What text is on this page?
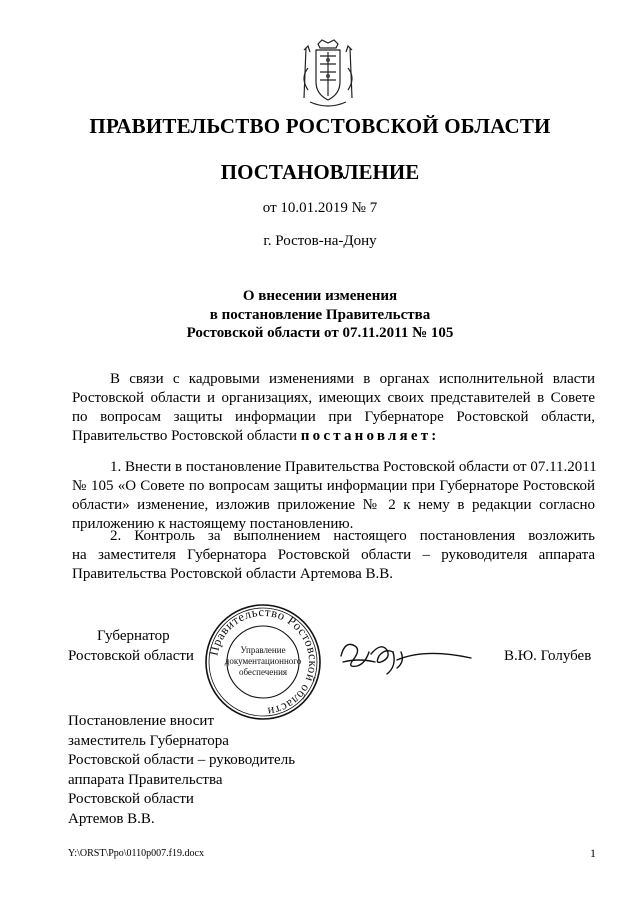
ПРАВИТЕЛЬСТВО РОСТОВСКОЙ ОБЛАСТИ
ПОСТАНОВЛЕНИЕ
от 10.01.2019 № 7
г. Ростов-на-Дону
О внесении изменения
в постановление Правительства
Ростовской области от 07.11.2011 № 105
В связи с кадровыми изменениями в органах исполнительной власти
Ростовской области и организациях, имеющих своих представителей в Совете
по вопросам защиты информации при Губернаторе Ростовской области,
Правительство Ростовской области постановляет:
1. Внести в постановление Правительства Ростовской области от 07.11.2011
№ 105 «О Совете по вопросам защиты информации при Губернаторе Ростовской
области» изменение, изложив приложение № 2 к нему в редакции согласно
приложению к настоящему постановлению.
2. Контроль за выполнением настоящего постановления возложить
на заместителя Губернатора Ростовской области – руководителя аппарата
Правительства Ростовской области Артемова В.В.
Губернатор
Ростовской области Правительство Ростовской области
Управление
документационного
обеспечения
В.Ю. Голубев
Постановление вносит
заместитель Губернатора
Ростовской области – руководитель
аппарата Правительства
Ростовской области
Артемов В.В.
Y:\ORST\Ppo\0110p007.f19.docx	1
